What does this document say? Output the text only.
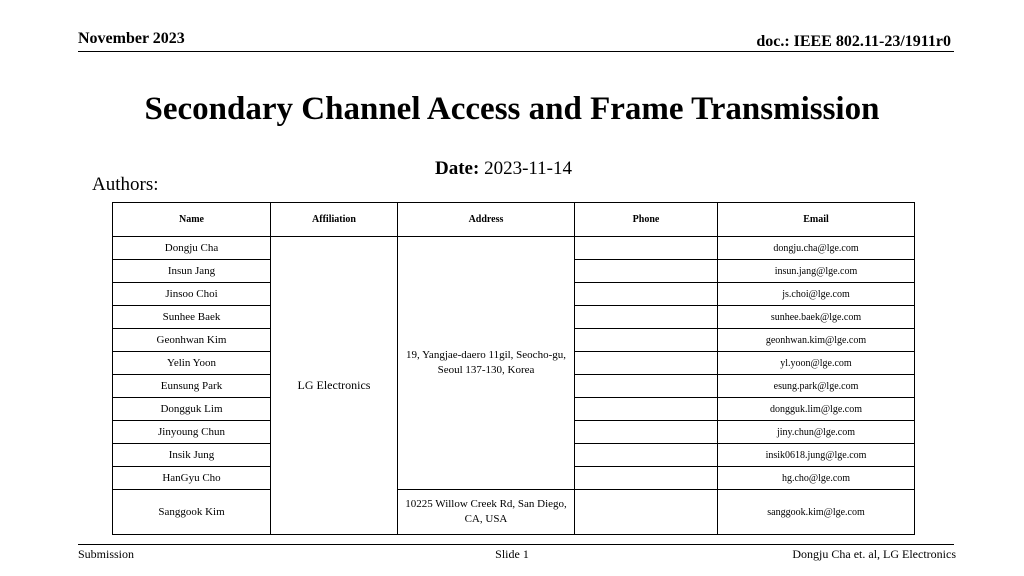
November 2023	doc.: IEEE 802.11-23/1911r0
Secondary Channel Access and Frame Transmission
Date: 2023-11-14
Authors:
Name	Affiliation	Address	Phone	Email
Dongju Cha	LG Electronics	19, Yangjae-daero 11gil, Seocho-gu, Seoul 137-130, Korea		dongju.cha@lge.com
Insun Jang				insun.jang@lge.com
Jinsoo Choi				js.choi@lge.com
Sunhee Baek				sunhee.baek@lge.com
Geonhwan Kim				geonhwan.kim@lge.com
Yelin Yoon				yl.yoon@lge.com
Eunsung Park				esung.park@lge.com
Dongguk Lim				dongguk.lim@lge.com
Jinyoung Chun				jiny.chun@lge.com
Insik Jung				insik0618.jung@lge.com
HanGyu Cho				hg.cho@lge.com
Sanggook Kim		10225 Willow Creek Rd, San Diego, CA, USA		sanggook.kim@lge.com
Submission	Slide 1	Dongju Cha et. al, LG Electronics
